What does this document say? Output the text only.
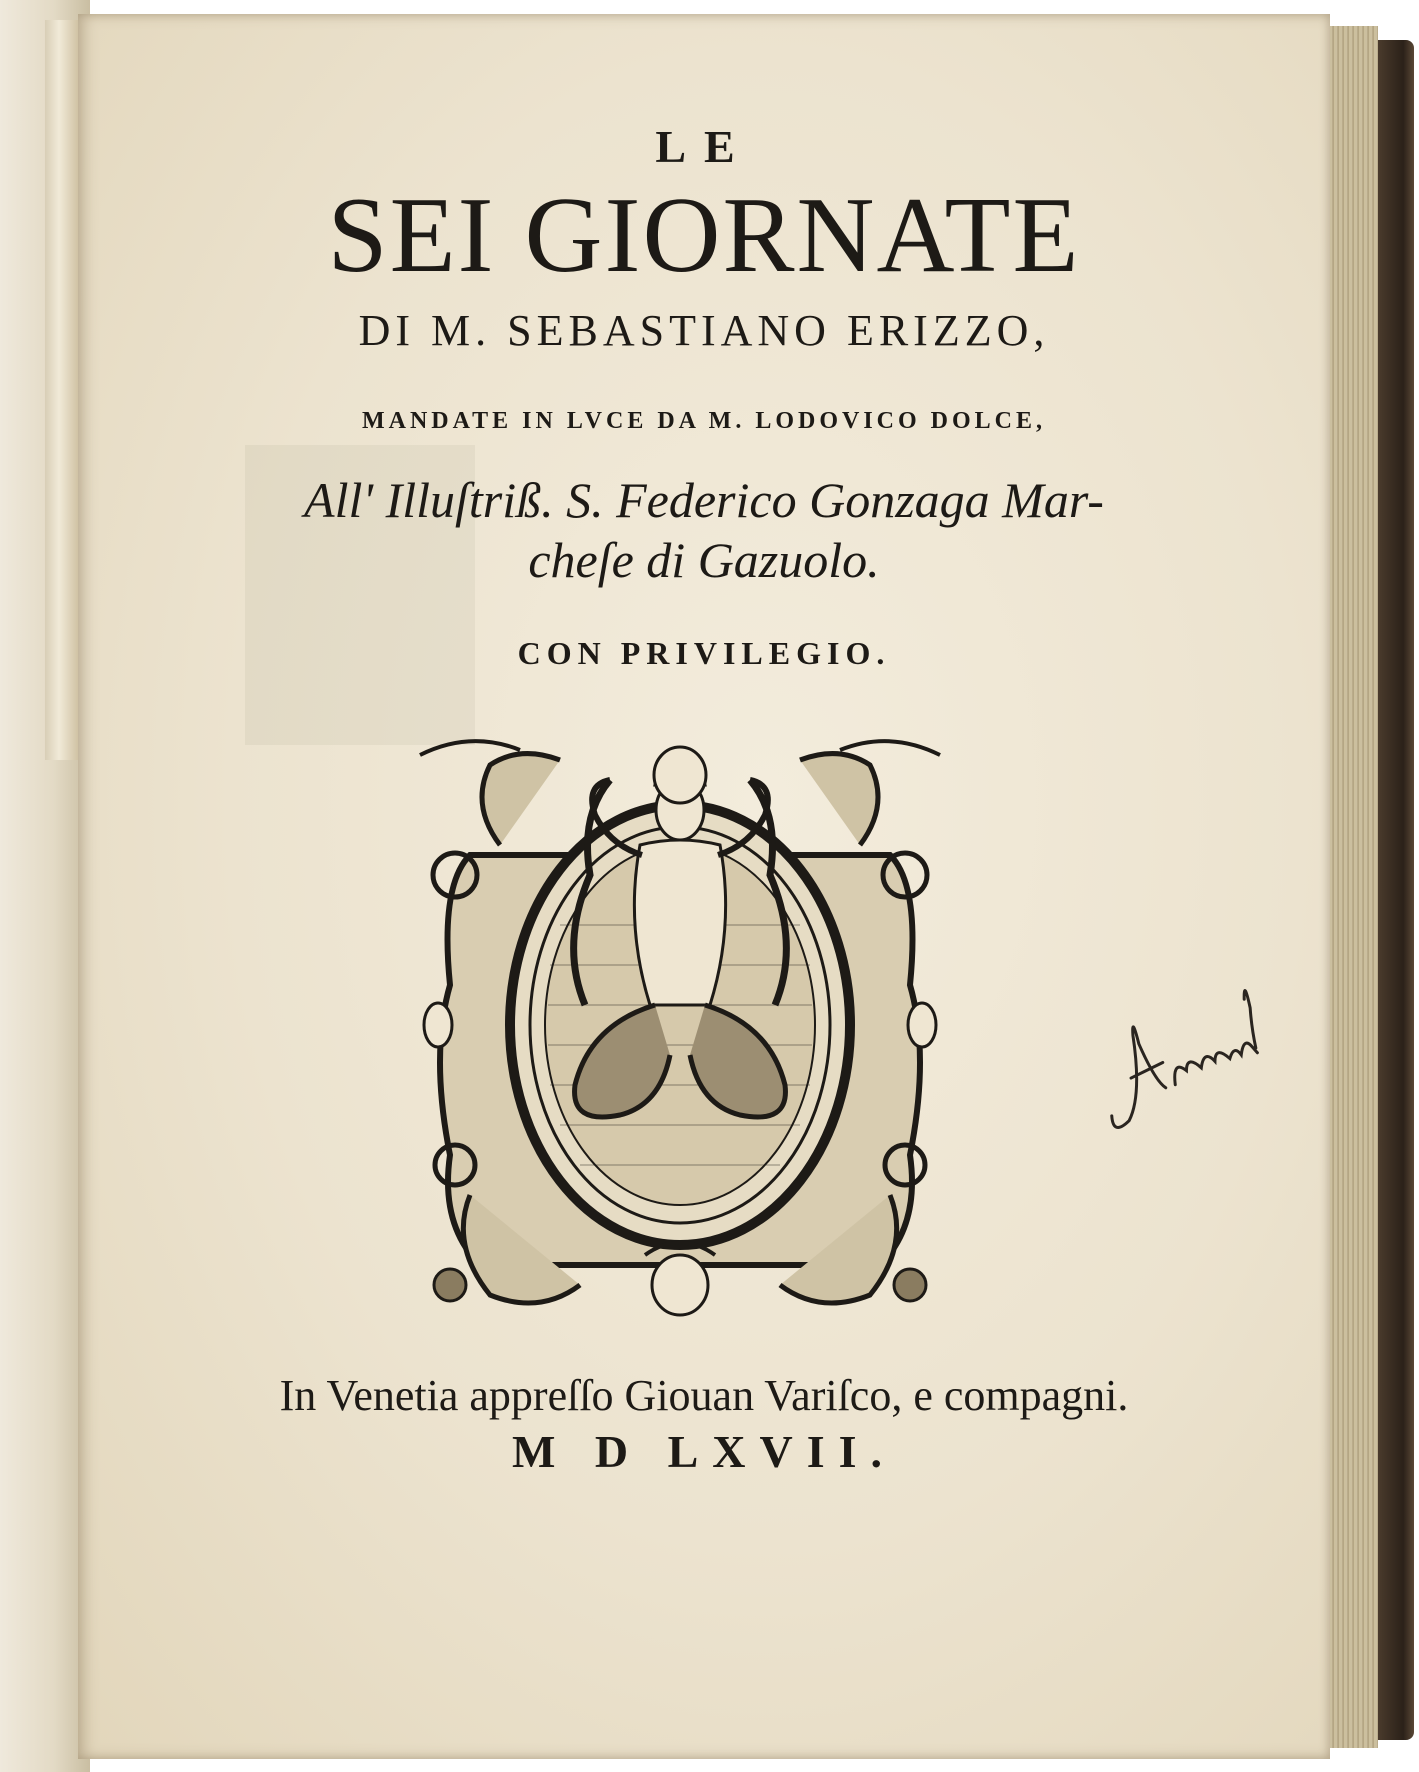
LE
SEI GIORNATE
DI M. SEBASTIANO ERIZZO,
MANDATE IN LVCE DA M. LODOVICO DOLCE,
All' Illuſtriß. S. Federico Gonzaga Mar-
cheſe di Gazuolo.
CON PRIVILEGIO.
In Venetia appreſſo Giouan Variſco, e compagni.
M D LXVII.
